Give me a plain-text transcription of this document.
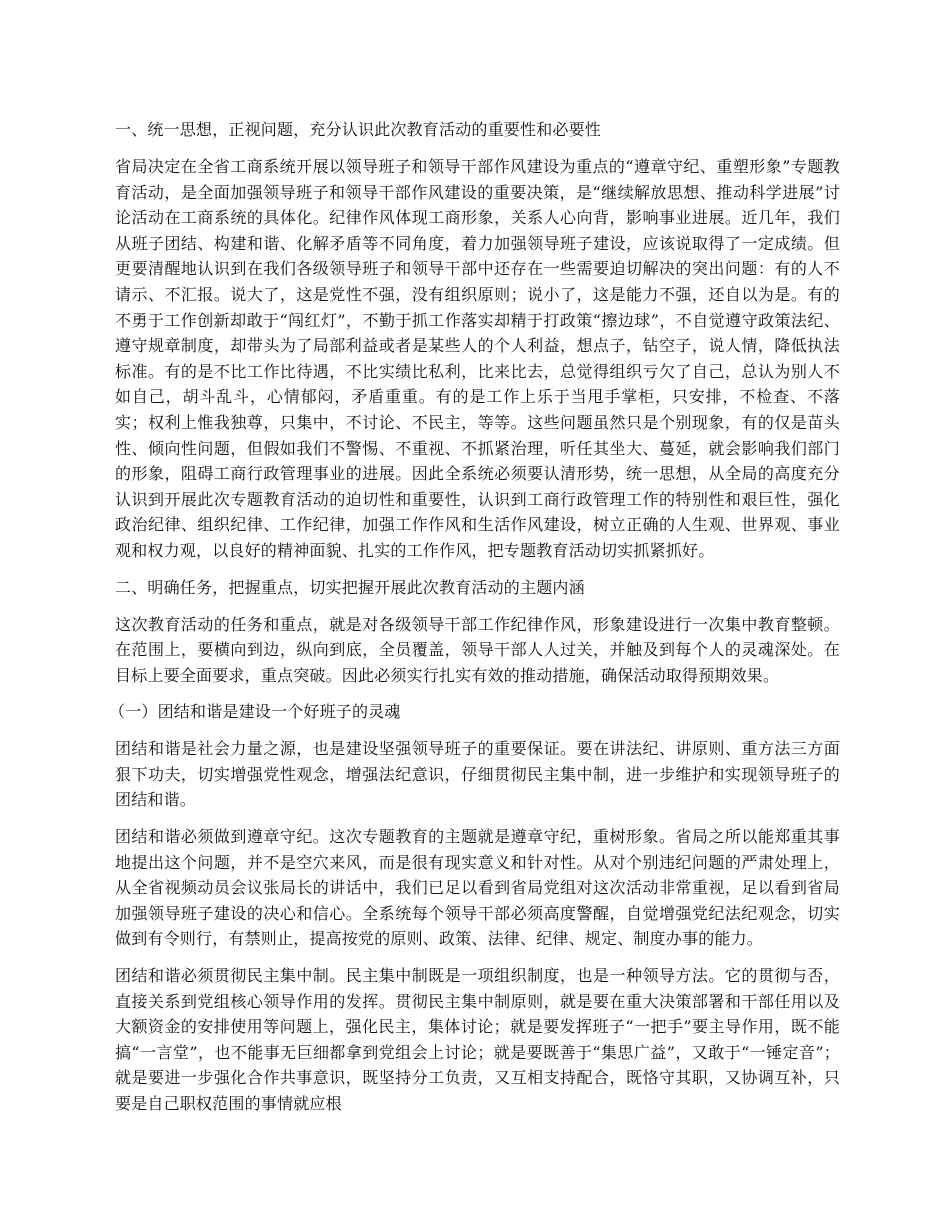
一、统一思想，正视问题，充分认识此次教育活动的重要性和必要性
省局决定在全省工商系统开展以领导班子和领导干部作风建设为重点的“遵章守纪、重塑形象”专题教育活动，是全面加强领导班子和领导干部作风建设的重要决策，是“继续解放思想、推动科学进展”讨论活动在工商系统的具体化。纪律作风体现工商形象，关系人心向背，影响事业进展。近几年，我们从班子团结、构建和谐、化解矛盾等不同角度，着力加强领导班子建设，应该说取得了一定成绩。但更要清醒地认识到在我们各级领导班子和领导干部中还存在一些需要迫切解决的突出问题：有的人不请示、不汇报。说大了，这是党性不强，没有组织原则；说小了，这是能力不强，还自以为是。有的不勇于工作创新却敢于“闯红灯”，不勤于抓工作落实却精于打政策“擦边球”，不自觉遵守政策法纪、遵守规章制度，却带头为了局部利益或者是某些人的个人利益，想点子，钻空子，说人情，降低执法标准。有的是不比工作比待遇，不比实绩比私利，比来比去，总觉得组织亏欠了自己，总认为别人不如自己，胡斗乱斗，心情郁闷，矛盾重重。有的是工作上乐于当甩手掌柜，只安排，不检查、不落实；权利上惟我独尊，只集中，不讨论、不民主，等等。这些问题虽然只是个别现象，有的仅是苗头性、倾向性问题，但假如我们不警惕、不重视、不抓紧治理，听任其坐大、蔓延，就会影响我们部门的形象，阻碍工商行政管理事业的进展。因此全系统必须要认清形势，统一思想，从全局的高度充分认识到开展此次专题教育活动的迫切性和重要性，认识到工商行政管理工作的特别性和艰巨性，强化政治纪律、组织纪律、工作纪律，加强工作作风和生活作风建设，树立正确的人生观、世界观、事业观和权力观，以良好的精神面貌、扎实的工作作风，把专题教育活动切实抓紧抓好。
二、明确任务，把握重点，切实把握开展此次教育活动的主题内涵
这次教育活动的任务和重点，就是对各级领导干部工作纪律作风，形象建设进行一次集中教育整顿。在范围上，要横向到边，纵向到底，全员覆盖，领导干部人人过关，并触及到每个人的灵魂深处。在目标上要全面要求，重点突破。因此必须实行扎实有效的推动措施，确保活动取得预期效果。
（一）团结和谐是建设一个好班子的灵魂
团结和谐是社会力量之源，也是建设坚强领导班子的重要保证。要在讲法纪、讲原则、重方法三方面狠下功夫，切实增强党性观念，增强法纪意识，仔细贯彻民主集中制，进一步维护和实现领导班子的团结和谐。
团结和谐必须做到遵章守纪。这次专题教育的主题就是遵章守纪，重树形象。省局之所以能郑重其事地提出这个问题，并不是空穴来风，而是很有现实意义和针对性。从对个别违纪问题的严肃处理上，从全省视频动员会议张局长的讲话中，我们已足以看到省局党组对这次活动非常重视，足以看到省局加强领导班子建设的决心和信心。全系统每个领导干部必须高度警醒，自觉增强党纪法纪观念，切实做到有令则行，有禁则止，提高按党的原则、政策、法律、纪律、规定、制度办事的能力。
团结和谐必须贯彻民主集中制。民主集中制既是一项组织制度，也是一种领导方法。它的贯彻与否，直接关系到党组核心领导作用的发挥。贯彻民主集中制原则，就是要在重大决策部署和干部任用以及大额资金的安排使用等问题上，强化民主，集体讨论；就是要发挥班子“一把手”要主导作用，既不能搞“一言堂”，也不能事无巨细都拿到党组会上讨论；就是要既善于“集思广益”，又敢于“一锤定音”；就是要进一步强化合作共事意识，既坚持分工负责，又互相支持配合，既恪守其职，又协调互补，只要是自己职权范围的事情就应根
